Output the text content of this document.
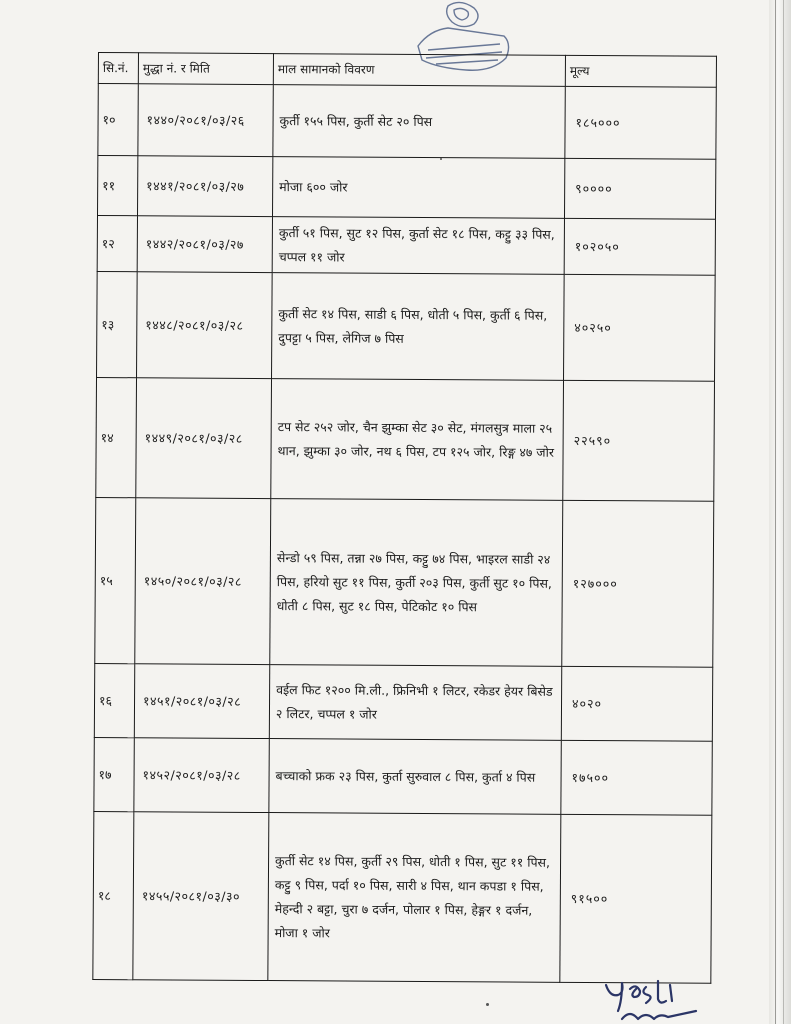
सि.नं.	मुद्धा नं. र मिति	माल सामानको विवरण	मूल्य
१०	१४४०/२०८१/०३/२६	कुर्ती १५५ पिस, कुर्ती सेट २० पिस	१८५०००
११	१४४१/२०८१/०३/२७	मोजा ६०० जोर	९००००
१२	१४४२/२०८१/०३/२७	कुर्ती ५१ पिस, सुट १२ पिस, कुर्ता सेट १८ पिस, कट्टु ३३ पिस, चप्पल ११ जोर	१०२०५०
१३	१४४८/२०८१/०३/२८	कुर्ती सेट १४ पिस, साडी ६ पिस, धोती ५ पिस, कुर्ती ६ पिस, दुपट्टा ५ पिस, लेगिज ७ पिस	४०२५०
१४	१४४९/२०८१/०३/२८	टप सेट २५२ जोर, चैन झुम्का सेट ३० सेट, मंगलसुत्र माला २५ थान, झुम्का ३० जोर, नथ ६ पिस, टप १२५ जोर, रिङ्ग ४७ जोर	२२५९०
१५	१४५०/२०८१/०३/२८	सेन्डो ५९ पिस, तन्ना २७ पिस, कट्टु ७४ पिस, भाइरल साडी २४ पिस, हरियो सुट ११ पिस, कुर्ती २०३ पिस, कुर्ती सुट १० पिस, धोती ८ पिस, सुट १८ पिस, पेटिकोट १० पिस	१२७०००
१६	१४५१/२०८१/०३/२८	वईल फिट १२०० मि.ली., फ्रिनिभी १ लिटर, रकेडर हेयर बिसेड २ लिटर, चप्पल १ जोर	४०२०
१७	१४५२/२०८१/०३/२८	बच्चाको फ्रक २३ पिस, कुर्ता सुरुवाल ८ पिस, कुर्ता ४ पिस	१७५००
१८	१४५५/२०८१/०३/३०	कुर्ती सेट १४ पिस, कुर्ती २९ पिस, धोती १ पिस, सुट ११ पिस, कट्टु ९ पिस, पर्दा १० पिस, सारी ४ पिस, थान कपडा १ पिस, मेहन्दी २ बट्टा, चुरा ७ दर्जन, पोलार १ पिस, हेङ्गर १ दर्जन, मोजा १ जोर	९१५००
